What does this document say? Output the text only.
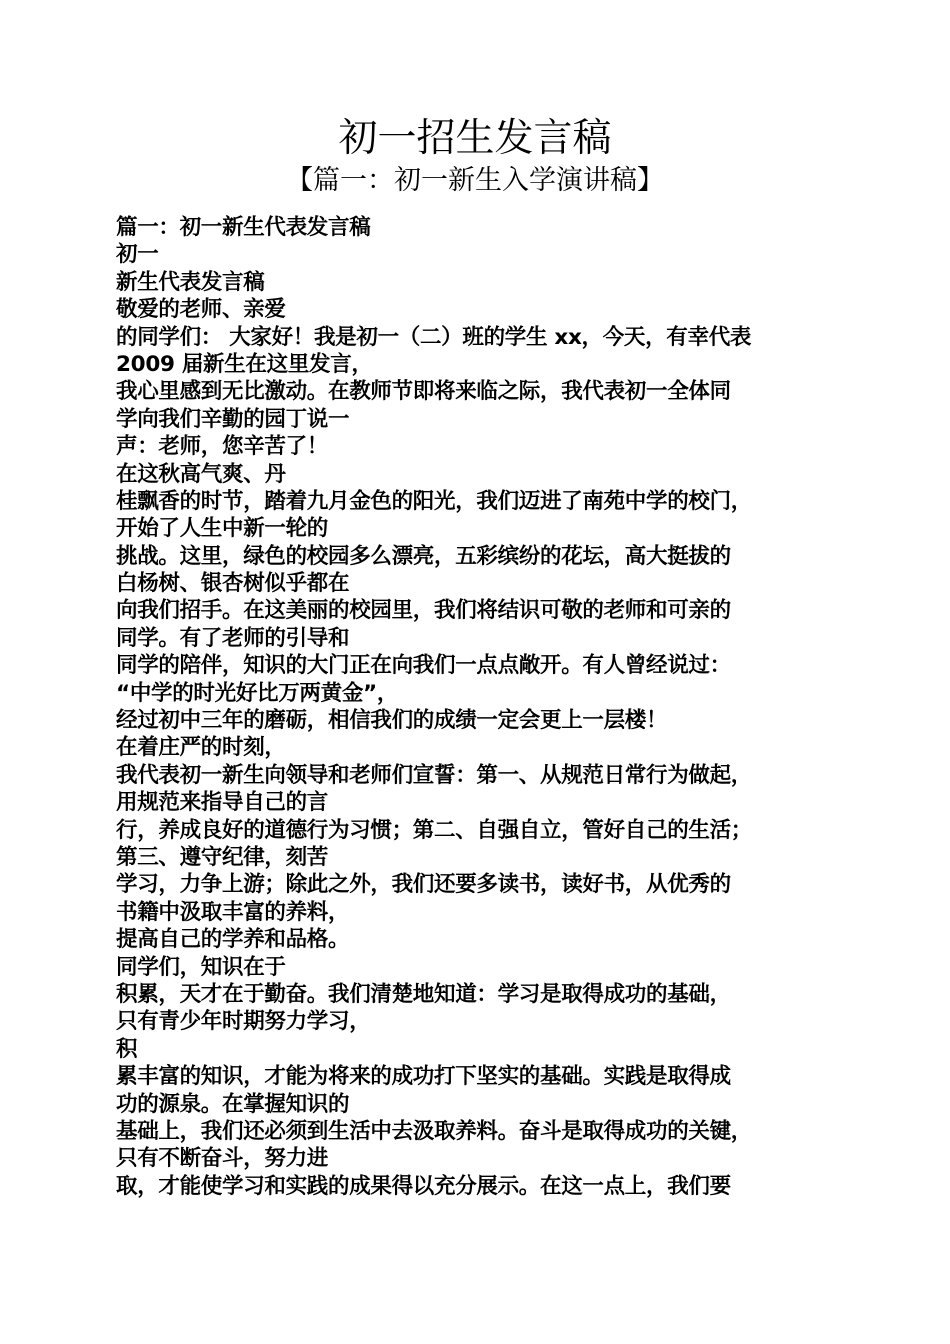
初一招生发言稿
【篇一：初一新生入学演讲稿】
篇一：初一新生代表发言稿
初一
新生代表发言稿
敬爱的老师、亲爱
的同学们： 大家好！我是初一（二）班的学生 xx，今天，有幸代表
2009 届新生在这里发言，
我心里感到无比激动。在教师节即将来临之际，我代表初一全体同
学向我们辛勤的园丁说一
声：老师，您辛苦了！
在这秋高气爽、丹
桂飘香的时节，踏着九月金色的阳光，我们迈进了南苑中学的校门，
开始了人生中新一轮的
挑战。这里，绿色的校园多么漂亮，五彩缤纷的花坛，高大挺拔的
白杨树、银杏树似乎都在
向我们招手。在这美丽的校园里，我们将结识可敬的老师和可亲的
同学。有了老师的引导和
同学的陪伴，知识的大门正在向我们一点点敞开。有人曾经说过：
“中学的时光好比万两黄金”，
经过初中三年的磨砺，相信我们的成绩一定会更上一层楼！
在着庄严的时刻，
我代表初一新生向领导和老师们宣誓：第一、从规范日常行为做起，
用规范来指导自己的言
行，养成良好的道德行为习惯；第二、自强自立，管好自己的生活；
第三、遵守纪律，刻苦
学习，力争上游；除此之外，我们还要多读书，读好书，从优秀的
书籍中汲取丰富的养料，
提高自己的学养和品格。
同学们，知识在于
积累，天才在于勤奋。我们清楚地知道：学习是取得成功的基础，
只有青少年时期努力学习，
积
累丰富的知识，才能为将来的成功打下坚实的基础。实践是取得成
功的源泉。在掌握知识的
基础上，我们还必须到生活中去汲取养料。奋斗是取得成功的关键，
只有不断奋斗，努力进
取，才能使学习和实践的成果得以充分展示。在这一点上，我们要
